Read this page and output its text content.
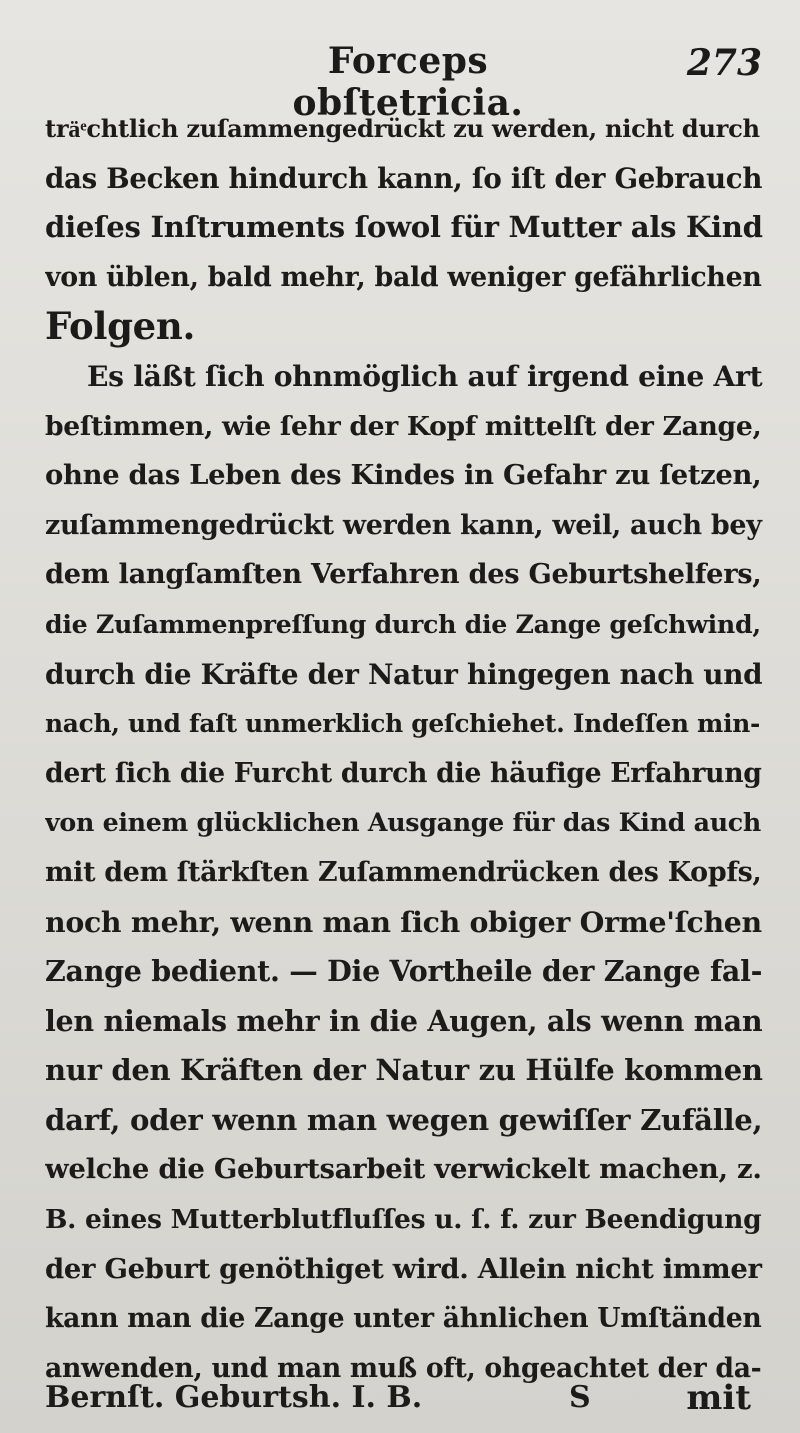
Forceps obſtetricia.
273
träͤchtlich zuſammengedrückt zu werden, nicht durch
das Becken hindurch kann, ſo iſt der Gebrauch
dieſes Inſtruments ſowol für Mutter als Kind
von üblen, bald mehr, bald weniger gefährlichen
Folgen.
Es läßt ſich ohnmöglich auf irgend eine Art
beſtimmen, wie ſehr der Kopf mittelſt der Zange,
ohne das Leben des Kindes in Gefahr zu ſetzen,
zuſammengedrückt werden kann, weil, auch bey
dem langſamſten Verfahren des Geburtshelfers,
die Zuſammenpreſſung durch die Zange geſchwind,
durch die Kräfte der Natur hingegen nach und
nach, und faſt unmerklich geſchiehet. Indeſſen min-
dert ſich die Furcht durch die häufige Erfahrung
von einem glücklichen Ausgange für das Kind auch
mit dem ſtärkſten Zuſammendrücken des Kopfs,
noch mehr, wenn man ſich obiger Orme'ſchen
Zange bedient. — Die Vortheile der Zange fal-
len niemals mehr in die Augen, als wenn man
nur den Kräften der Natur zu Hülfe kommen
darf, oder wenn man wegen gewiſſer Zufälle,
welche die Geburtsarbeit verwickelt machen, z.
B. eines Mutterblutfluſſes u. ſ. f. zur Beendigung
der Geburt genöthiget wird. Allein nicht immer
kann man die Zange unter ähnlichen Umſtänden
anwenden, und man muß oft, ohgeachtet der da-
Bernſt. Geburtsh. I. B.	S	mit
